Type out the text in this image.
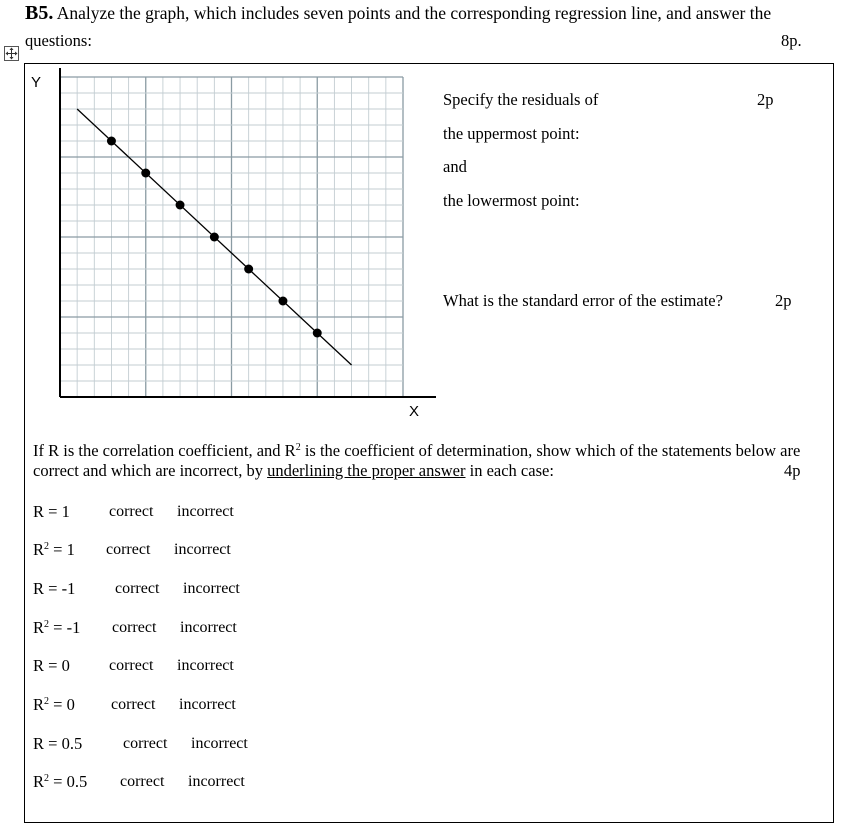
B5. Analyze the graph, which includes seven points and the corresponding regression line, and answer the
questions:	8p.
Y
X
Specify the residuals of	2p
the uppermost point:
and
the lowermost point:
What is the standard error of the estimate?	2p
If R is the correlation coefficient, and $R^2$ is the coefficient of determination, show which of the statements below are correct and which are incorrect, by underlining the proper answer in each case:	4p
R = 1 correct incorrect
$R^2 = 1$ correct incorrect
R = -1 correct incorrect
$R^2 = -1$ correct incorrect
R = 0 correct incorrect
$R^2 = 0$ correct incorrect
R = 0.5	correct incorrect
$R^2 = 0.5$ correct incorrect
